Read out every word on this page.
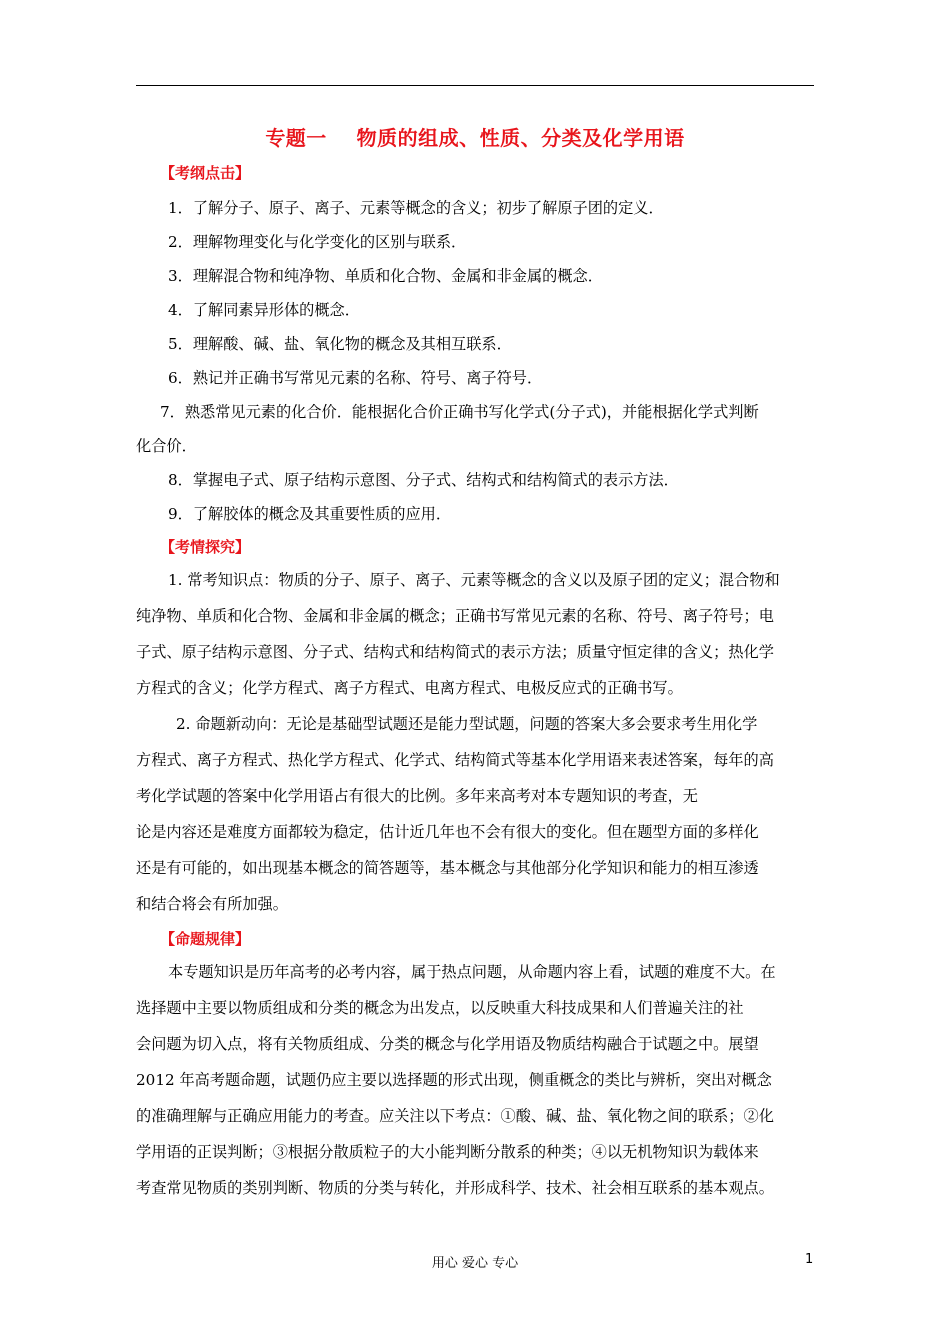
专题一    物质的组成、性质、分类及化学用语
【考纲点击】
1．了解分子、原子、离子、元素等概念的含义；初步了解原子团的定义．
2．理解物理变化与化学变化的区别与联系．
3．理解混合物和纯净物、单质和化合物、金属和非金属的概念．
4．了解同素异形体的概念．
5．理解酸、碱、盐、氧化物的概念及其相互联系．
6．熟记并正确书写常见元素的名称、符号、离子符号．
7．熟悉常见元素的化合价．能根据化合价正确书写化学式(分子式)，并能根据化学式判断
化合价．
8．掌握电子式、原子结构示意图、分子式、结构式和结构简式的表示方法．
9．了解胶体的概念及其重要性质的应用．
【考情探究】
1. 常考知识点：物质的分子、原子、离子、元素等概念的含义以及原子团的定义；混合物和
纯净物、单质和化合物、金属和非金属的概念；正确书写常见元素的名称、符号、离子符号；电
子式、原子结构示意图、分子式、结构式和结构简式的表示方法；质量守恒定律的含义；热化学
方程式的含义；化学方程式、离子方程式、电离方程式、电极反应式的正确书写。
2. 命题新动向：无论是基础型试题还是能力型试题，问题的答案大多会要求考生用化学
方程式、离子方程式、热化学方程式、化学式、结构简式等基本化学用语来表述答案，每年的高
考化学试题的答案中化学用语占有很大的比例。多年来高考对本专题知识的考查，无
论是内容还是难度方面都较为稳定，估计近几年也不会有很大的变化。但在题型方面的多样化
还是有可能的，如出现基本概念的简答题等，基本概念与其他部分化学知识和能力的相互渗透
和结合将会有所加强。
【命题规律】
本专题知识是历年高考的必考内容，属于热点问题，从命题内容上看，试题的难度不大。在
选择题中主要以物质组成和分类的概念为出发点，以反映重大科技成果和人们普遍关注的社
会问题为切入点，将有关物质组成、分类的概念与化学用语及物质结构融合于试题之中。展望
2012 年高考题命题，试题仍应主要以选择题的形式出现，侧重概念的类比与辨析，突出对概念
的准确理解与正确应用能力的考查。应关注以下考点：①酸、碱、盐、氧化物之间的联系；②化
学用语的正误判断；③根据分散质粒子的大小能判断分散系的种类；④以无机物知识为载体来
考查常见物质的类别判断、物质的分类与转化，并形成科学、技术、社会相互联系的基本观点。
用心 爱心 专心	1
